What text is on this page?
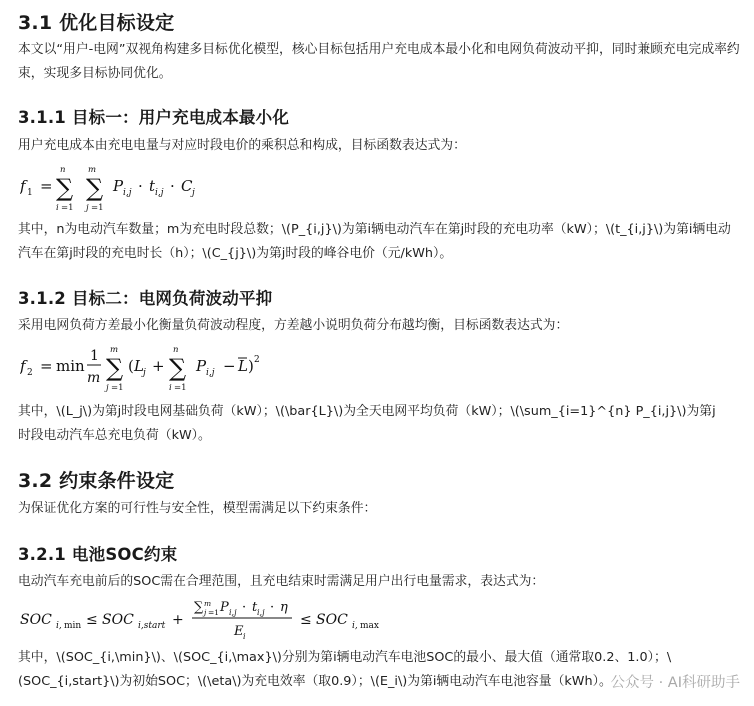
3.1 优化目标设定

本文以“用户-电网”双视角构建多目标优化模型，核心目标包括用户充电成本最小化和电网负荷波动平抑，同时兼顾充电完成率约束，实现多目标协同优化。

3.1.1 目标一：用户充电成本最小化

用户充电成本由充电电量与对应时段电价的乘积总和构成，目标函数表达式为：

f 1 =
n
∑
i =1
m
∑
j =1
P i,j · t i,j · C j

其中，n为电动汽车数量；m为充电时段总数；\(P_{i,j}\)为第i辆电动汽车在第j时段的充电功率（kW）；\(t_{i,j}\)为第i辆电动汽车在第j时段的充电时长（h）；\(C_{j}\)为第j时段的峰谷电价（元/kWh）。

3.1.2 目标二：电网负荷波动平抑

采用电网负荷方差最小化衡量负荷波动程度，方差越小说明负荷分布越均衡，目标函数表达式为：

f 2 = min
1
m
m
∑
j =1
( L j +
n
∑
i =1
P i,j − L ) 2

其中，\(L_j\)为第j时段电网基础负荷（kW）；\(\bar{L}\)为全天电网平均负荷（kW）；\(\sum_{i=1}^{n} P_{i,j}\)为第j时段电动汽车总充电负荷（kW）。

3.2 约束条件设定

为保证优化方案的可行性与安全性，模型需满足以下约束条件：

3.2.1 电池SOC约束

电动汽车充电前后的SOC需在合理范围，且充电结束时需满足用户出行电量需求，表达式为：

SOC i, min ≤ SOC i,start +
∑ m
j =1 P i,j · t i,j · η
E i
≤ SOC i, max

其中，\(SOC_{i,\min}\)、\(SOC_{i,\max}\)分别为第i辆电动汽车电池SOC的最小、最大值（通常取0.2、1.0）；\(SOC_{i,start}\)为初始SOC；\(\eta\)为充电效率（取0.9）；\(E_i\)为第i辆电动汽车电池容量（kWh）。

公众号 · AI科研助手
